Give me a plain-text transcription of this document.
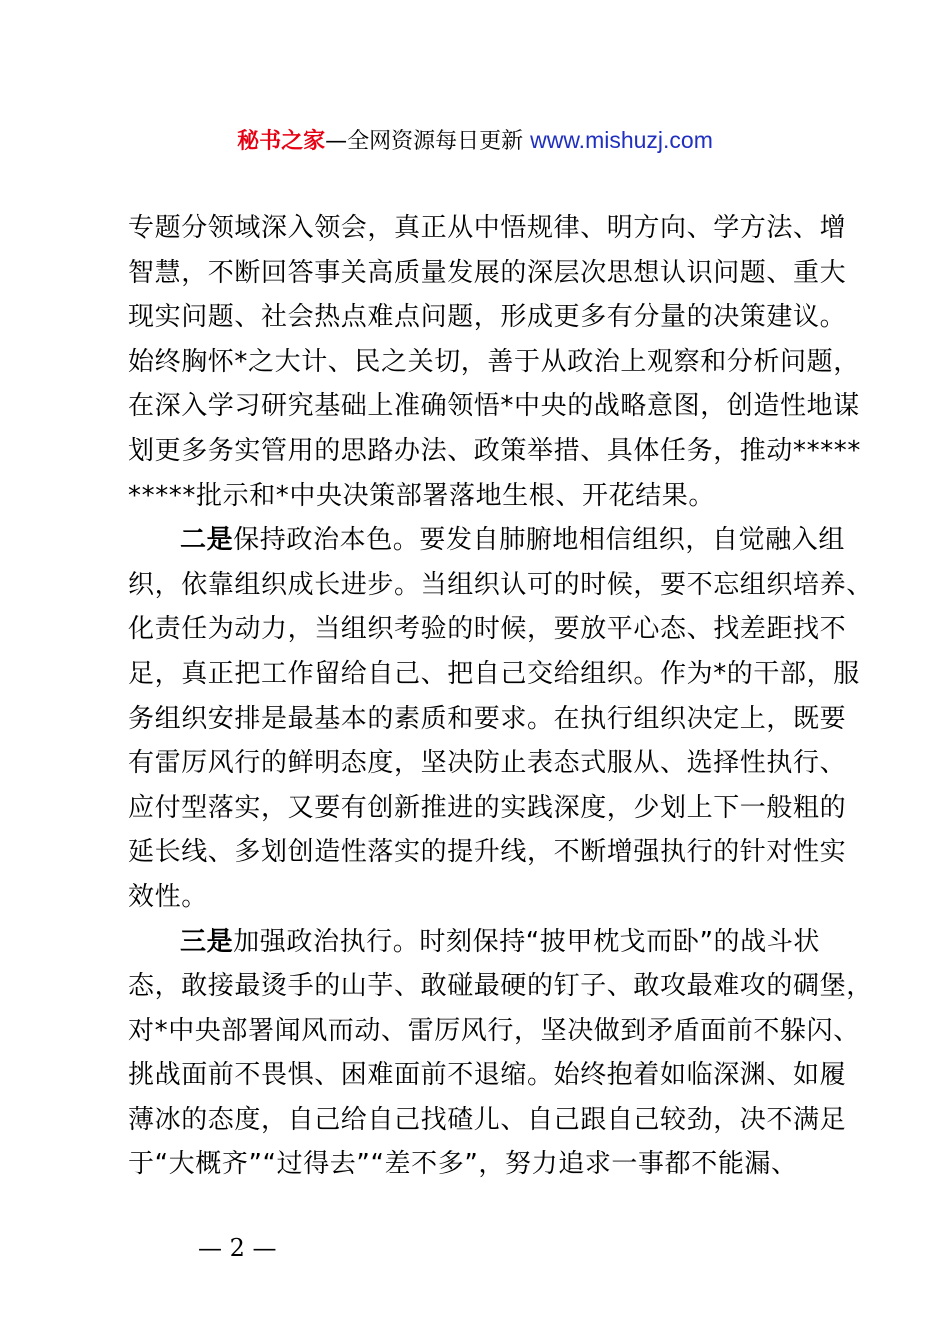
秘书之家—全网资源每日更新 www.mishuzj.com

专题分领域深入领会，真正从中悟规律、明方向、学方法、增
智慧，不断回答事关高质量发展的深层次思想认识问题、重大
现实问题、社会热点难点问题，形成更多有分量的决策建议。
始终胸怀*之大计、民之关切，善于从政治上观察和分析问题，
在深入学习研究基础上准确领悟*中央的战略意图，创造性地谋
划更多务实管用的思路办法、政策举措、具体任务，推动*****
*****批示和*中央决策部署落地生根、开花结果。

二是保持政治本色。要发自肺腑地相信组织，自觉融入组
织，依靠组织成长进步。当组织认可的时候，要不忘组织培养、
化责任为动力，当组织考验的时候，要放平心态、找差距找不
足，真正把工作留给自己、把自己交给组织。作为*的干部，服
务组织安排是最基本的素质和要求。在执行组织决定上，既要
有雷厉风行的鲜明态度，坚决防止表态式服从、选择性执行、
应付型落实，又要有创新推进的实践深度，少划上下一般粗的
延长线、多划创造性落实的提升线，不断增强执行的针对性实
效性。

三是加强政治执行。时刻保持“披甲枕戈而卧”的战斗状
态，敢接最烫手的山芋、敢碰最硬的钉子、敢攻最难攻的碉堡，
对*中央部署闻风而动、雷厉风行，坚决做到矛盾面前不躲闪、
挑战面前不畏惧、困难面前不退缩。始终抱着如临深渊、如履
薄冰的态度，自己给自己找碴儿、自己跟自己较劲，决不满足
于“大概齐”“过得去”“差不多”，努力追求一事都不能漏、

— 2 —
